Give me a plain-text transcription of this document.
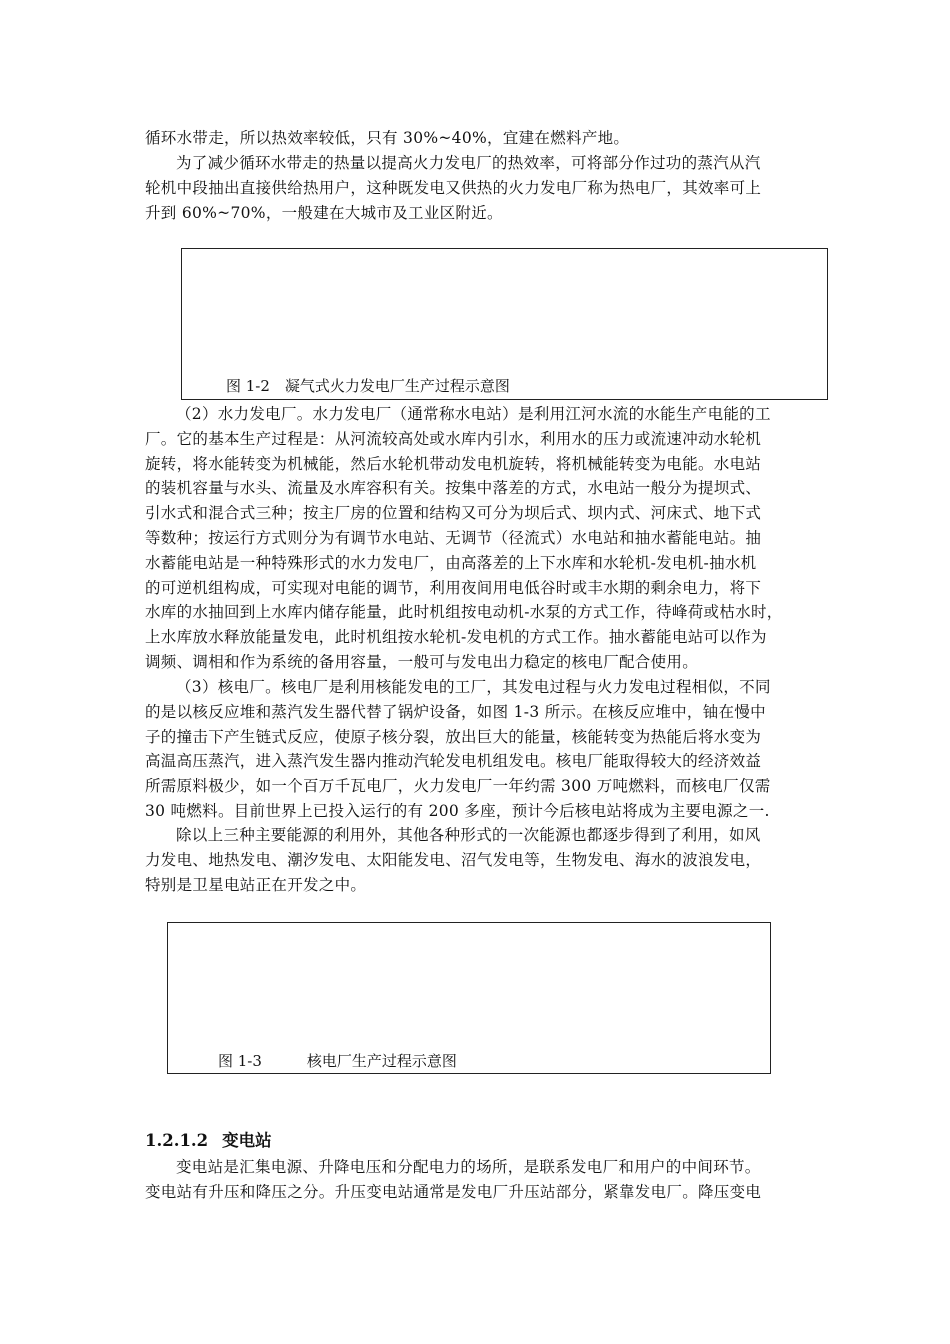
循环水带走，所以热效率较低，只有 30%~40%，宜建在燃料产地。

为了减少循环水带走的热量以提高火力发电厂的热效率，可将部分作过功的蒸汽从汽
轮机中段抽出直接供给热用户，这种既发电又供热的火力发电厂称为热电厂，其效率可上
升到 60%~70%，一般建在大城市及工业区附近。

图 1-2　凝气式火力发电厂生产过程示意图

（2）水力发电厂。水力发电厂（通常称水电站）是利用江河水流的水能生产电能的工
厂。它的基本生产过程是：从河流较高处或水库内引水，利用水的压力或流速冲动水轮机
旋转，将水能转变为机械能，然后水轮机带动发电机旋转，将机械能转变为电能。水电站
的装机容量与水头、流量及水库容积有关。按集中落差的方式，水电站一般分为提坝式、
引水式和混合式三种；按主厂房的位置和结构又可分为坝后式、坝内式、河床式、地下式
等数种；按运行方式则分为有调节水电站、无调节（径流式）水电站和抽水蓄能电站。抽
水蓄能电站是一种特殊形式的水力发电厂，由高落差的上下水库和水轮机-发电机-抽水机
的可逆机组构成，可实现对电能的调节，利用夜间用电低谷时或丰水期的剩余电力，将下
水库的水抽回到上水库内储存能量，此时机组按电动机-水泵的方式工作，待峰荷或枯水时，
上水库放水释放能量发电，此时机组按水轮机-发电机的方式工作。抽水蓄能电站可以作为
调频、调相和作为系统的备用容量，一般可与发电出力稳定的核电厂配合使用。

（3）核电厂。核电厂是利用核能发电的工厂，其发电过程与火力发电过程相似，不同
的是以核反应堆和蒸汽发生器代替了锅炉设备，如图 1-3 所示。在核反应堆中，铀在慢中
子的撞击下产生链式反应，使原子核分裂，放出巨大的能量，核能转变为热能后将水变为
高温高压蒸汽，进入蒸汽发生器内推动汽轮发电机组发电。核电厂能取得较大的经济效益
所需原料极少，如一个百万千瓦电厂，火力发电厂一年约需 300 万吨燃料，而核电厂仅需
30 吨燃料。目前世界上已投入运行的有 200 多座，预计今后核电站将成为主要电源之一.

除以上三种主要能源的利用外，其他各种形式的一次能源也都逐步得到了利用，如风
力发电、地热发电、潮汐发电、太阳能发电、沼气发电等，生物发电、海水的波浪发电，
特别是卫星电站正在开发之中。

图 1-3　　　核电厂生产过程示意图
1.2.1.2 变电站

变电站是汇集电源、升降电压和分配电力的场所，是联系发电厂和用户的中间环节。
变电站有升压和降压之分。升压变电站通常是发电厂升压站部分，紧靠发电厂。降压变电
